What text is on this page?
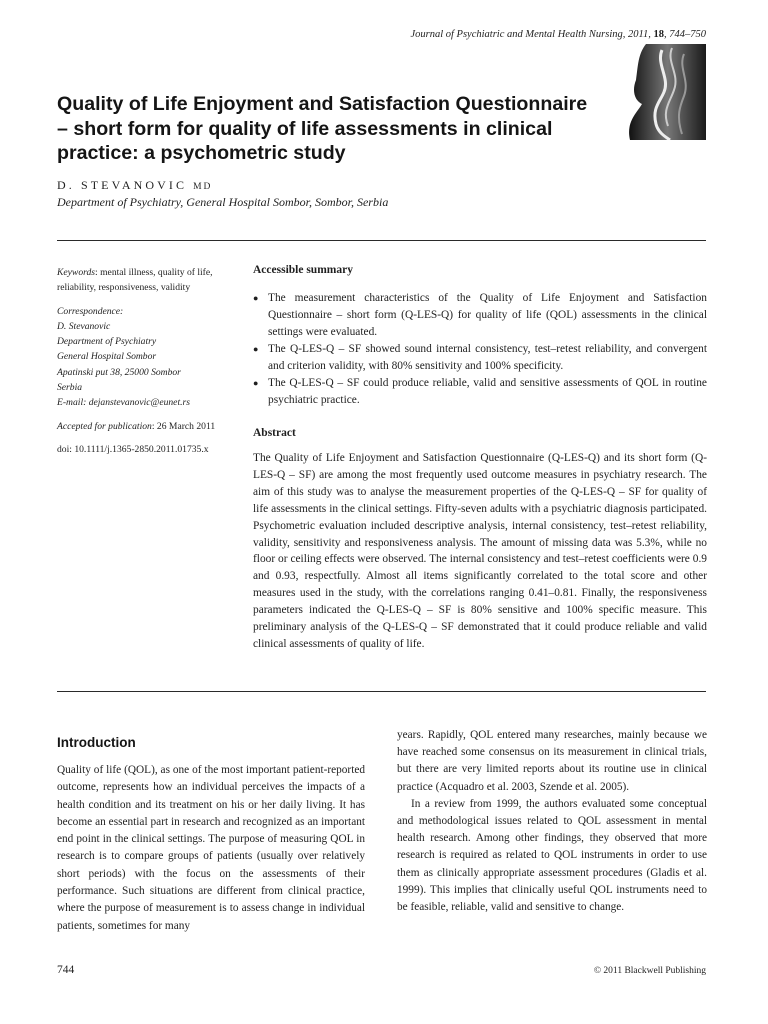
Journal of Psychiatric and Mental Health Nursing, 2011, 18, 744–750
Quality of Life Enjoyment and Satisfaction Questionnaire – short form for quality of life assessments in clinical practice: a psychometric study
D. STEVANOVIC MD
Department of Psychiatry, General Hospital Sombor, Sombor, Serbia

Keywords: mental illness, quality of life, reliability, responsiveness, validity

Correspondence:

D. Stevanovic

Department of Psychiatry

General Hospital Sombor

Apatinski put 38, 25000 Sombor

Serbia

E-mail: dejanstevanovic@eunet.rs

Accepted for publication: 26 March 2011

doi: 10.1111/j.1365-2850.2011.01735.x

Accessible summary

● The measurement characteristics of the Quality of Life Enjoyment and Satisfaction Questionnaire – short form (Q-LES-Q) for quality of life (QOL) assessments in the clinical settings were evaluated.

● The Q-LES-Q – SF showed sound internal consistency, test–retest reliability, and convergent and criterion validity, with 80% sensitivity and 100% specificity.

● The Q-LES-Q – SF could produce reliable, valid and sensitive assessments of QOL in routine psychiatric practice.

Abstract
The Quality of Life Enjoyment and Satisfaction Questionnaire (Q-LES-Q) and its short form (Q-LES-Q – SF) are among the most frequently used outcome measures in psychiatry research. The aim of this study was to analyse the measurement properties of the Q-LES-Q – SF for quality of life assessments in the clinical settings. Fifty-seven adults with a psychiatric diagnosis participated. Psychometric evaluation included descriptive analysis, internal consistency, test–retest reliability, validity, sensitivity and responsiveness analysis. The amount of missing data was 5.3%, while no floor or ceiling effects were observed. The internal consistency and test–retest coefficients were 0.9 and 0.93, respectfully. Almost all items significantly correlated to the total score and other measures used in the study, with the correlations ranging 0.41–0.81. Finally, the responsiveness parameters indicated the Q-LES-Q – SF is 80% sensitive and 100% specific measure. This preliminary analysis of the Q-LES-Q – SF demonstrated that it could produce reliable and valid clinical assessments of quality of life.
Introduction

Quality of life (QOL), as one of the most important patient-reported outcome, represents how an individual perceives the impacts of a health condition and its treatment on his or her daily living. It has become an essential part in research and recognized as an important end point in the clinical settings. The purpose of measuring QOL in research is to compare groups of patients (usually over relatively short periods) with the focus on the assessments of their performance. Such situations are different from clinical practice, where the purpose of measurement is to assess change in individual patients, sometimes for many

years. Rapidly, QOL entered many researches, mainly because we have reached some consensus on its measurement in clinical trials, but there are very limited reports about its routine use in clinical practice (Acquadro et al. 2003, Szende et al. 2005).

In a review from 1999, the authors evaluated some conceptual and methodological issues related to QOL assessment in mental health research. Among other findings, they observed that more research is required as related to QOL instruments in order to use them as clinically appropriate assessment procedures (Gladis et al. 1999). This implies that clinically useful QOL instruments need to be feasible, reliable, valid and sensitive to change.

744	© 2011 Blackwell Publishing
